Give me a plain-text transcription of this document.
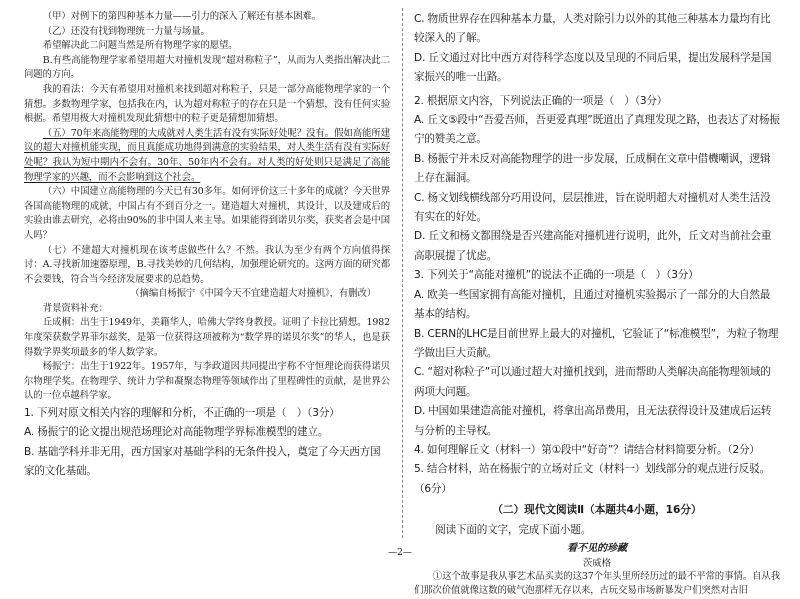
（甲）对例下的第四种基本力量——引力的深入了解还有基本困难。

（乙）还没有找到物理统一力量与场量。

希望解决此二问题当然是所有物理学家的愿望。

B.有些高能物理学家希望用超大对撞机发现“超对称粒子”，从而为人类指出解决此二问题的方向。

我的看法：今天有希望用对撞机来找到超对称粒子，只是一部分高能物理学家的一个猜想。多数物理学家，包括我在内，认为超对称粒子的存在只是一个猜想，没有任何实验根据。希望用极大对撞机发现此猜想中的粒子更是猜想加猜想。

（五）70年来高能物理的大成就对人类生活有没有实际好处呢？没有。假如高能所建议的超大对撞机能实现，而且真能成功地得到满意的实验结果，对人类生活有没有实际好处呢？我认为短中期内不会有。30年、50年内不会有。对人类的好处则只是满足了高能物理学家的兴趣，而不会影响到这个社会。

（六）中国建立高能物理的今天已有30多年。如何评价这三十多年的成就？今天世界各国高能物理的成就，中国占有不到百分之一。建造超大对撞机，其设计，以及建成后的实验由谁去研究，必将由90%的非中国人来主导。如果能得到诺贝尔奖，获奖者会是中国人吗？

（七）不建超大对撞机现在该考虑做些什么？不然。我认为至少有两个方向值得探讨：A.寻找新加速器原理，B.寻找美妙的几何结构，加强理论研究的。这两方面的研究都不会要钱，符合当今经济发展要求的总趋势。

（摘编自杨振宁《中国今天不宜建造超大对撞机》，有删改）

背景资料补充：

丘成桐：出生于1949年，美籍华人，哈佛大学终身教授。证明了卡拉比猜想。1982年度荣获数学界菲尔兹奖，是第一位获得这项被称为“数学界的诺贝尔奖”的华人，也是获得数学界奖项最多的华人数学家。

杨振宁：出生于1922年。1957年，与李政道因共同提出宇称不守恒理论而获得诺贝尔物理学奖。在物理学、统计力学和凝聚态物理等领域作出了里程碑性的贡献，是世界公认的一位卓越科学家。

1. 下列对原文相关内容的理解和分析，不正确的一项是（　）（3分）

A. 杨振宁的论文提出规范场理论对高能物理学界标准模型的建立。

B. 基础学科并非无用，西方国家对基础学科的无条件投入，奠定了今天西方国家的文化基础。

C. 物质世界存在四种基本力量，人类对除引力以外的其他三种基本力量均有比较深入的了解。

D. 丘文通过对比中西方对待科学态度以及呈现的不同后果，提出发展科学是国家振兴的唯一出路。

2. 根据原文内容，下列说法正确的一项是（　）（3分）

A. 丘文⑤段中“吾爱吾师，吾更爱真理”既道出了真理发现之路，也表达了对杨振宁的赞美之意。

B. 杨振宁并未反对高能物理学的进一步发展，丘成桐在文章中借機嘲讽，逻辑上存在漏洞。

C. 杨文划线横线部分巧用设问，层层推进，旨在说明超大对撞机对人类生活没有实在的好处。

D. 丘文和杨文都围绕是否兴建高能对撞机进行说明，此外，丘文对当前社会重高职展提了忧虑。

3. 下列关于“高能对撞机”的说法不正确的一项是（　）（3分）

A. 欧美一些国家拥有高能对撞机，且通过对撞机实验揭示了一部分的大自然最基本的结构。

B. CERN的LHC是目前世界上最大的对撞机，它验证了“标准模型”，为粒子物理学做出巨大贡献。

C. “超对称粒子”可以通过超大对撞机找到，进而帮助人类解决高能物理领域的两项大问题。

D. 中国如果建造高能对撞机，将拿出高昂费用，且无法获得设计及建成后运转与分析的主导权。

4. 如何理解丘文（材料一）第①段中“好奇”？请结合材料简要分析。（2分）

5. 结合材料，站在杨振宁的立场对丘文（材料一）划线部分的观点进行反驳。（6分）

（二）现代文阅读Ⅱ（本题共4小题，16分）

阅读下面的文字，完成下面小题。

看不见的珍藏

茨威格

①这个故事是我从事艺术品买卖的这37个年头里所经历过的最不平常的事情。自从我们那次价值就像这数的破气泡那样无存以来，古玩交易市场新暴发户们突然对古旧

—2—
